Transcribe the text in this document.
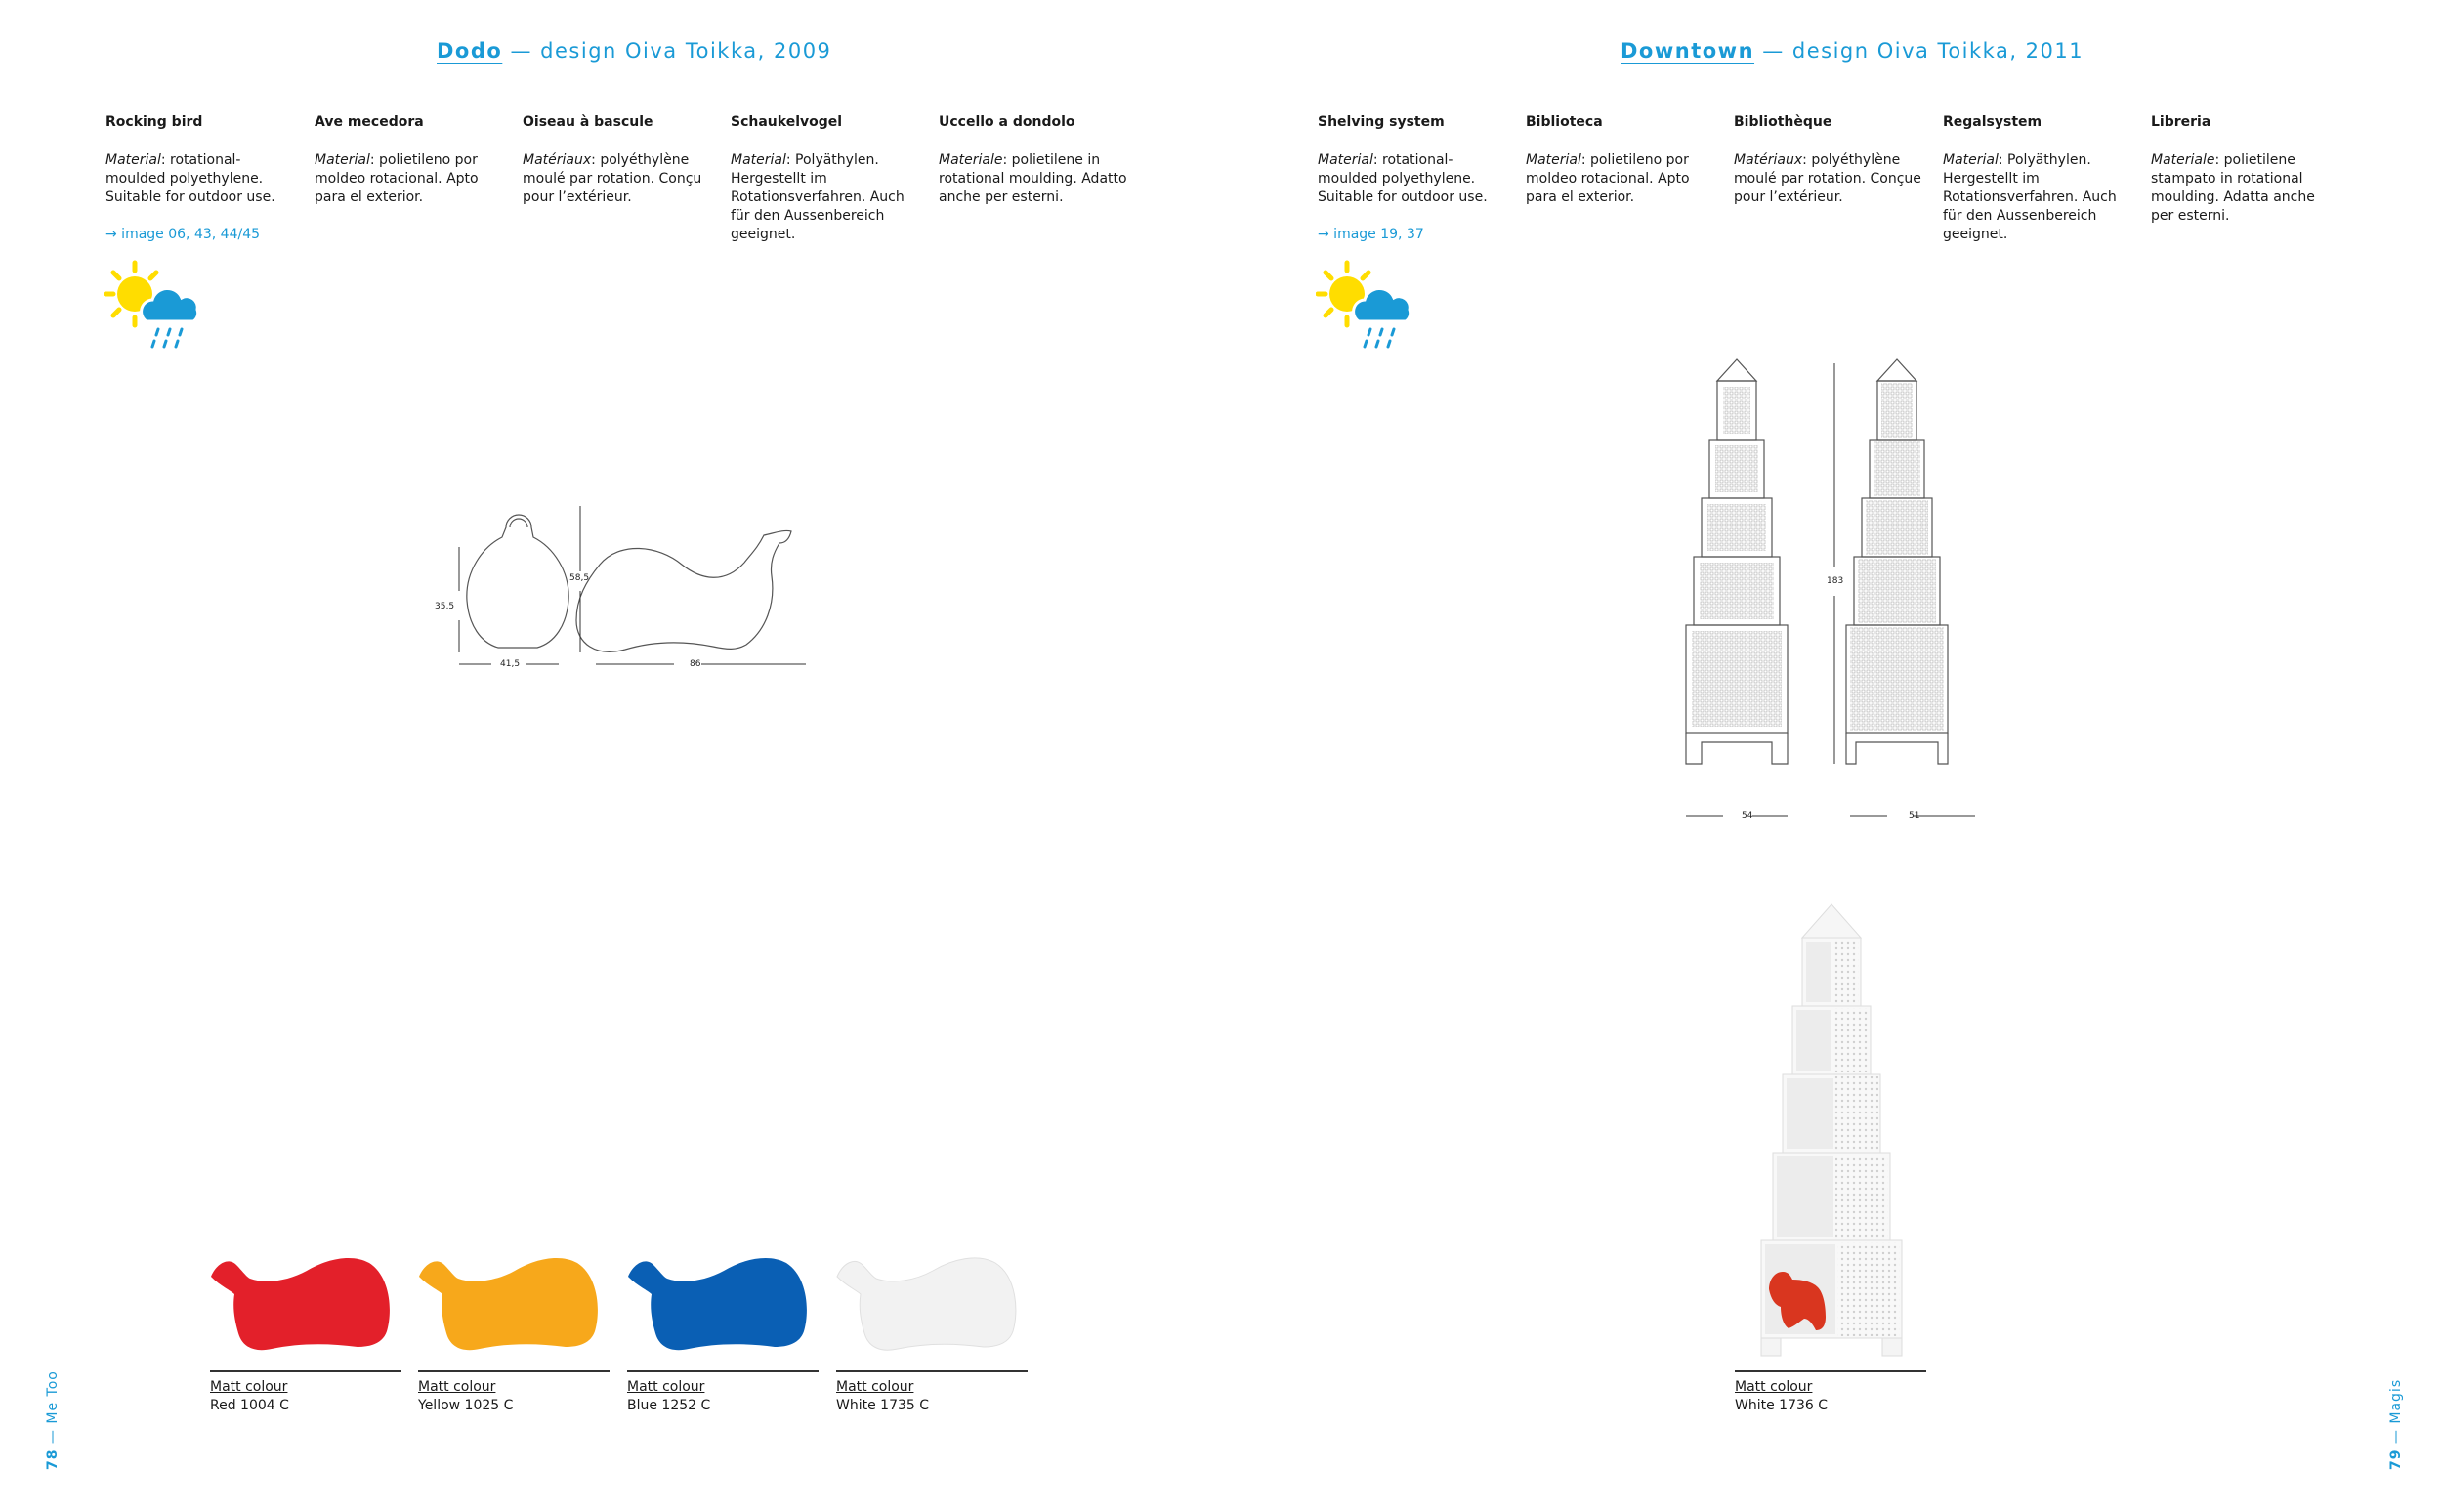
Dodo — design Oiva Toikka, 2009
Rocking bird
Material: rotational-moulded polyethylene. Suitable for outdoor use.
→ image 06, 43, 44/45
Ave mecedora
Material: polietileno por moldeo rotacional. Apto para el exterior.
Oiseau à bascule
Matériaux: polyéthylène moulé par rotation. Conçu pour l’extérieur.
Schaukelvogel
Material: Polyäthylen. Hergestellt im Rotationsverfahren. Auch für den Aussenbereich geeignet.
Uccello a dondolo
Materiale: polietilene in rotational moulding. Adatto anche per esterni.
35,5
58,5
41,5	86
Matt colour
Red 1004 C
Matt colour
Yellow 1025 C
Matt colour
Blue 1252 C
Matt colour
White 1735 C
78 — Me Too
Downtown — design Oiva Toikka, 2011
Shelving system
Material: rotational-moulded polyethylene. Suitable for outdoor use.
→ image 19, 37
Biblioteca
Material: polietileno por moldeo rotacional. Apto para el exterior.
Bibliothèque
Matériaux: polyéthylène moulé par rotation. Conçue pour l’extérieur.
Regalsystem
Material: Polyäthylen. Hergestellt im Rotationsverfahren. Auch für den Aussenbereich geeignet.
Libreria
Materiale: polietilene stampato in rotational moulding. Adatta anche per esterni.
183
54	51
Matt colour
White 1736 C
79 — Magis
